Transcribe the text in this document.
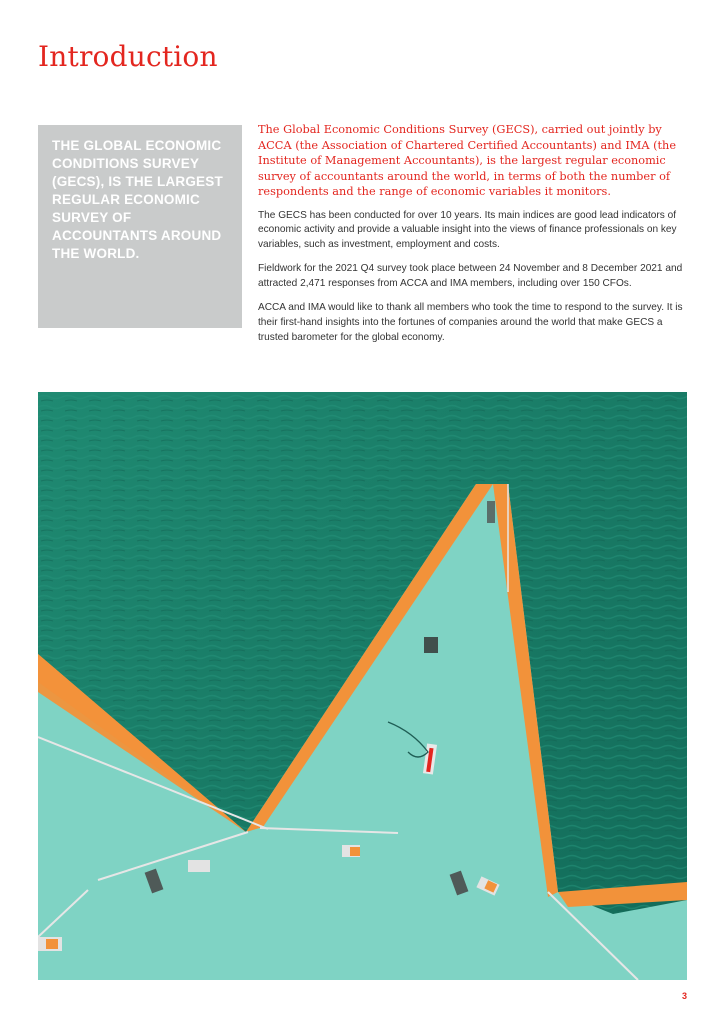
Introduction

THE GLOBAL ECONOMIC CONDITIONS SURVEY (GECS), IS THE LARGEST REGULAR ECONOMIC SURVEY OF ACCOUNTANTS AROUND THE WORLD.

The Global Economic Conditions Survey (GECS), carried out jointly by ACCA (the Association of Chartered Certified Accountants) and IMA (the Institute of Management Accountants), is the largest regular economic survey of accountants around the world, in terms of both the number of respondents and the range of economic variables it monitors.

The GECS has been conducted for over 10 years. Its main indices are good lead indicators of economic activity and provide a valuable insight into the views of finance professionals on key variables, such as investment, employment and costs.

Fieldwork for the 2021 Q4 survey took place between 24 November and 8 December 2021 and attracted 2,471 responses from ACCA and IMA members, including over 150 CFOs.

ACCA and IMA would like to thank all members who took the time to respond to the survey. It is their first-hand insights into the fortunes of companies around the world that make GECS a trusted barometer for the global economy.

3
